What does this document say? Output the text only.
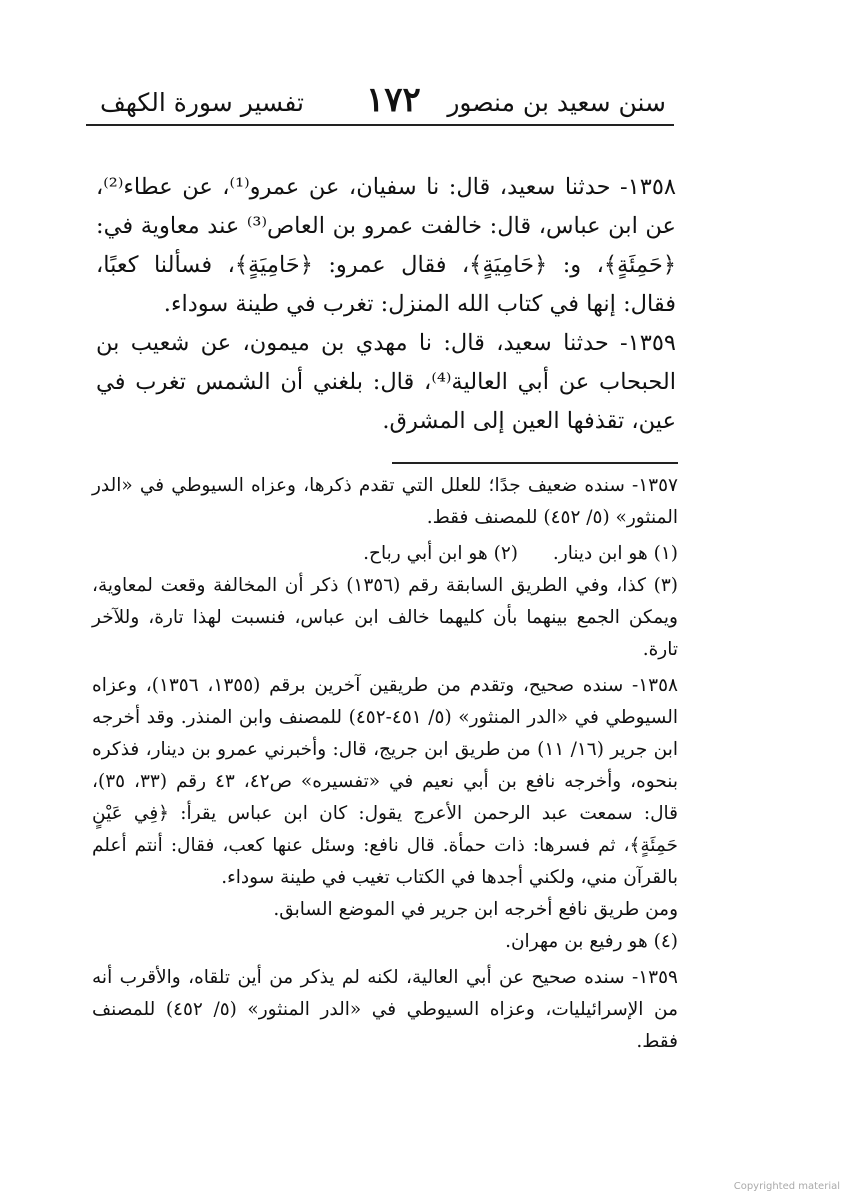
تفسير سورة الكهف ١٧٢ سنن سعيد بن منصور

١٣٥٨- حدثنا سعيد، قال: نا سفيان، عن عمرو⁽¹⁾، عن عطاء⁽²⁾، عن ابن عباس، قال: خالفت عمرو بن العاص⁽³⁾ عند معاوية في: ﴿حَمِئَةٍ﴾، و: ﴿حَامِيَةٍ﴾، فقال عمرو: ﴿حَامِيَةٍ﴾، فسألنا كعبًا، فقال: إنها في كتاب الله المنزل: تغرب في طينة سوداء.

١٣٥٩- حدثنا سعيد، قال: نا مهدي بن ميمون، عن شعيب بن الحبحاب عن أبي العالية⁽⁴⁾، قال: بلغني أن الشمس تغرب في عين، تقذفها العين إلى المشرق.

١٣٥٧- سنده ضعيف جدًا؛ للعلل التي تقدم ذكرها، وعزاه السيوطي في «الدر المنثور» (٥/ ٤٥٢) للمصنف فقط.

(١) هو ابن دينار.
(٢) هو ابن أبي رباح.

(٣) كذا، وفي الطريق السابقة رقم (١٣٥٦) ذكر أن المخالفة وقعت لمعاوية، ويمكن الجمع بينهما بأن كليهما خالف ابن عباس، فنسبت لهذا تارة، وللآخر تارة.

١٣٥٨- سنده صحيح، وتقدم من طريقين آخرين برقم (١٣٥٥، ١٣٥٦)، وعزاه السيوطي في «الدر المنثور» (٥/ ٤٥١-٤٥٢) للمصنف وابن المنذر. وقد أخرجه ابن جرير (١٦/ ١١) من طريق ابن جريج، قال: وأخبرني عمرو بن دينار، فذكره بنحوه، وأخرجه نافع بن أبي نعيم في «تفسيره» ص٤٢، ٤٣ رقم (٣٣، ٣٥)، قال: سمعت عبد الرحمن الأعرج يقول: كان ابن عباس يقرأ: ﴿فِي عَيْنٍ حَمِئَةٍ﴾، ثم فسرها: ذات حمأة. قال نافع: وسئل عنها كعب، فقال: أنتم أعلم بالقرآن مني، ولكني أجدها في الكتاب تغيب في طينة سوداء.

ومن طريق نافع أخرجه ابن جرير في الموضع السابق.

(٤) هو رفيع بن مهران.

١٣٥٩- سنده صحيح عن أبي العالية، لكنه لم يذكر من أين تلقاه، والأقرب أنه من الإسرائيليات، وعزاه السيوطي في «الدر المنثور» (٥/ ٤٥٢) للمصنف فقط.

Copyrighted material
